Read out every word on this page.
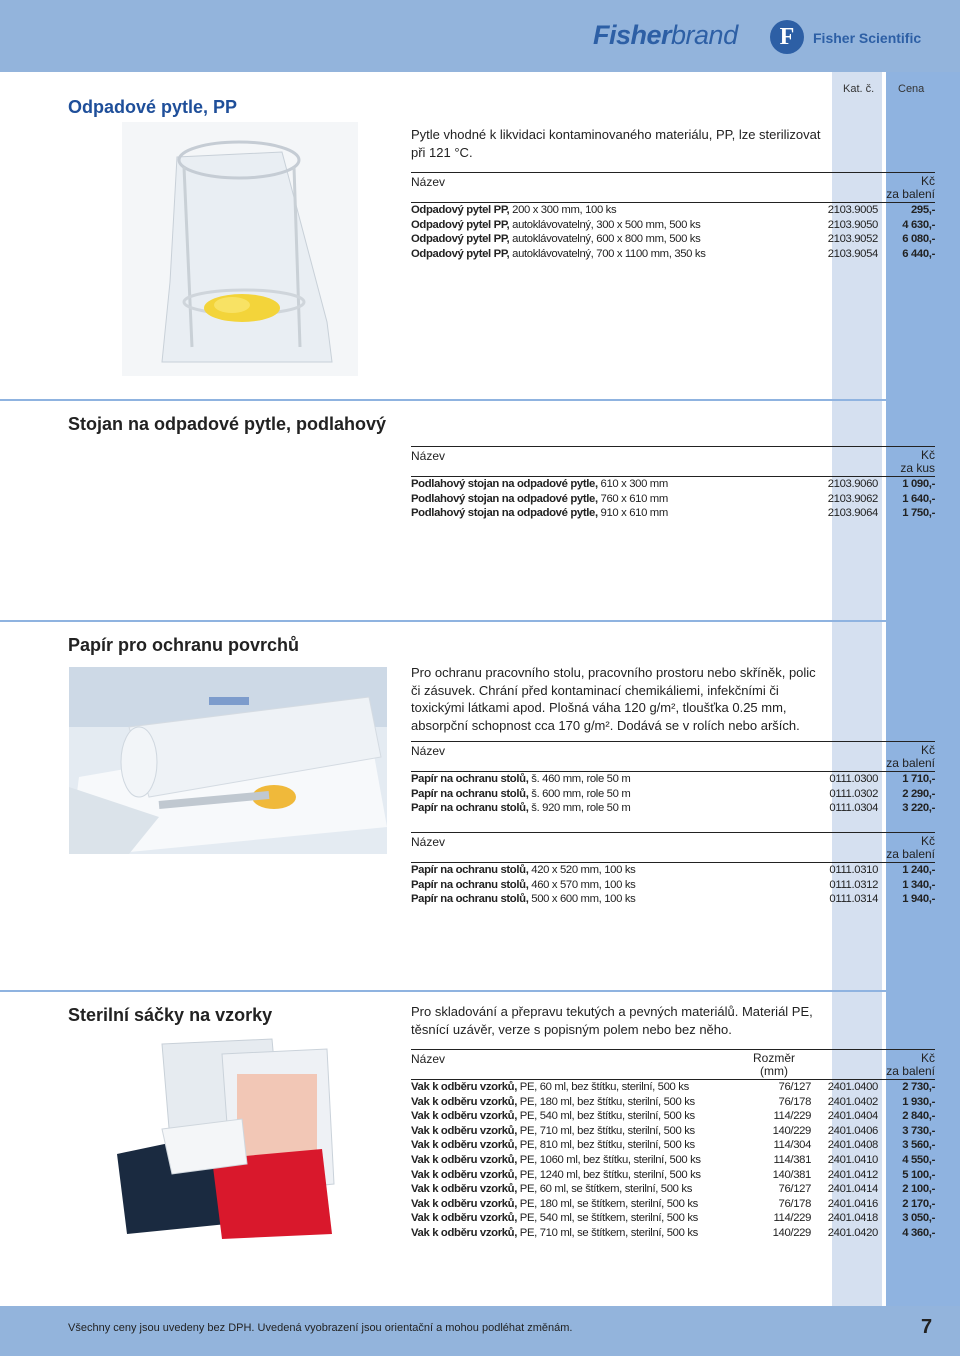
Fisherbrand	F	Fisher Scientific
Kat. č. Cena
Odpadové pytle, PP
Pytle vhodné k likvidaci kontaminovaného materiálu, PP, lze sterilizovat při 121 °C.
Název	Kč
za balení
Odpadový pytel PP, 200 x 300 mm, 100 ks	2103.9005	295,-
Odpadový pytel PP, autoklávovatelný, 300 x 500 mm, 500 ks	2103.9050 4 630,-
Odpadový pytel PP, autoklávovatelný, 600 x 800 mm, 500 ks	2103.9052 6 080,-
Odpadový pytel PP, autoklávovatelný, 700 x 1100 mm, 350 ks	2103.9054 6 440,-
Stojan na odpadové pytle, podlahový
Název	Kč
za kus
Podlahový stojan na odpadové pytle, 610 x 300 mm	2103.9060 1 090,-
Podlahový stojan na odpadové pytle, 760 x 610 mm	2103.9062 1 640,-
Podlahový stojan na odpadové pytle, 910 x 610 mm	2103.9064 1 750,-
Papír pro ochranu povrchů
Pro ochranu pracovního stolu, pracovního prostoru nebo skříněk, polic či zásuvek. Chrání před kontaminací chemikáliemi, infekčními či toxickými látkami apod. Plošná váha 120 g/m², tloušťka 0.25 mm, absorpční schopnost cca 170 g/m². Dodává se v rolích nebo arších.
Název	Kč
za balení
Papír na ochranu stolů, š. 460 mm, role 50 m	0111.0300 1 710,-
Papír na ochranu stolů, š. 600 mm, role 50 m	0111.0302 2 290,-
Papír na ochranu stolů, š. 920 mm, role 50 m	0111.0304 3 220,-
Název	Kč
za balení
Papír na ochranu stolů, 420 x 520 mm, 100 ks	0111.0310 1 240,-
Papír na ochranu stolů, 460 x 570 mm, 100 ks	0111.0312 1 340,-
Papír na ochranu stolů, 500 x 600 mm, 100 ks	0111.0314 1 940,-
Sterilní sáčky na vzorky	Pro skladování a přepravu tekutých a pevných materiálů. Materiál PE, těsnící uzávěr, verze s popisným polem nebo bez něho.
Název	Rozměr
(mm)
Kč
za balení
Vak k odběru vzorků, PE, 60 ml, bez štítku, sterilní, 500 ks	76/127 2401.0400 2 730,-
Vak k odběru vzorků, PE, 180 ml, bez štítku, sterilní, 500 ks	76/178 2401.0402 1 930,-
Vak k odběru vzorků, PE, 540 ml, bez štítku, sterilní, 500 ks	114/229 2401.0404 2 840,-
Vak k odběru vzorků, PE, 710 ml, bez štítku, sterilní, 500 ks	140/229 2401.0406 3 730,-
Vak k odběru vzorků, PE, 810 ml, bez štítku, sterilní, 500 ks	114/304 2401.0408 3 560,-
Vak k odběru vzorků, PE, 1060 ml, bez štítku, sterilní, 500 ks	114/381 2401.0410 4 550,-
Vak k odběru vzorků, PE, 1240 ml, bez štítku, sterilní, 500 ks	140/381 2401.0412 5 100,-
Vak k odběru vzorků, PE, 60 ml, se štítkem, sterilní, 500 ks	76/127 2401.0414 2 100,-
Vak k odběru vzorků, PE, 180 ml, se štítkem, sterilní, 500 ks	76/178 2401.0416 2 170,-
Vak k odběru vzorků, PE, 540 ml, se štítkem, sterilní, 500 ks	114/229 2401.0418 3 050,-
Vak k odběru vzorků, PE, 710 ml, se štítkem, sterilní, 500 ks	140/229 2401.0420 4 360,-
Všechny ceny jsou uvedeny bez DPH. Uvedená vyobrazení jsou orientační a mohou podléhat změnám.	7
